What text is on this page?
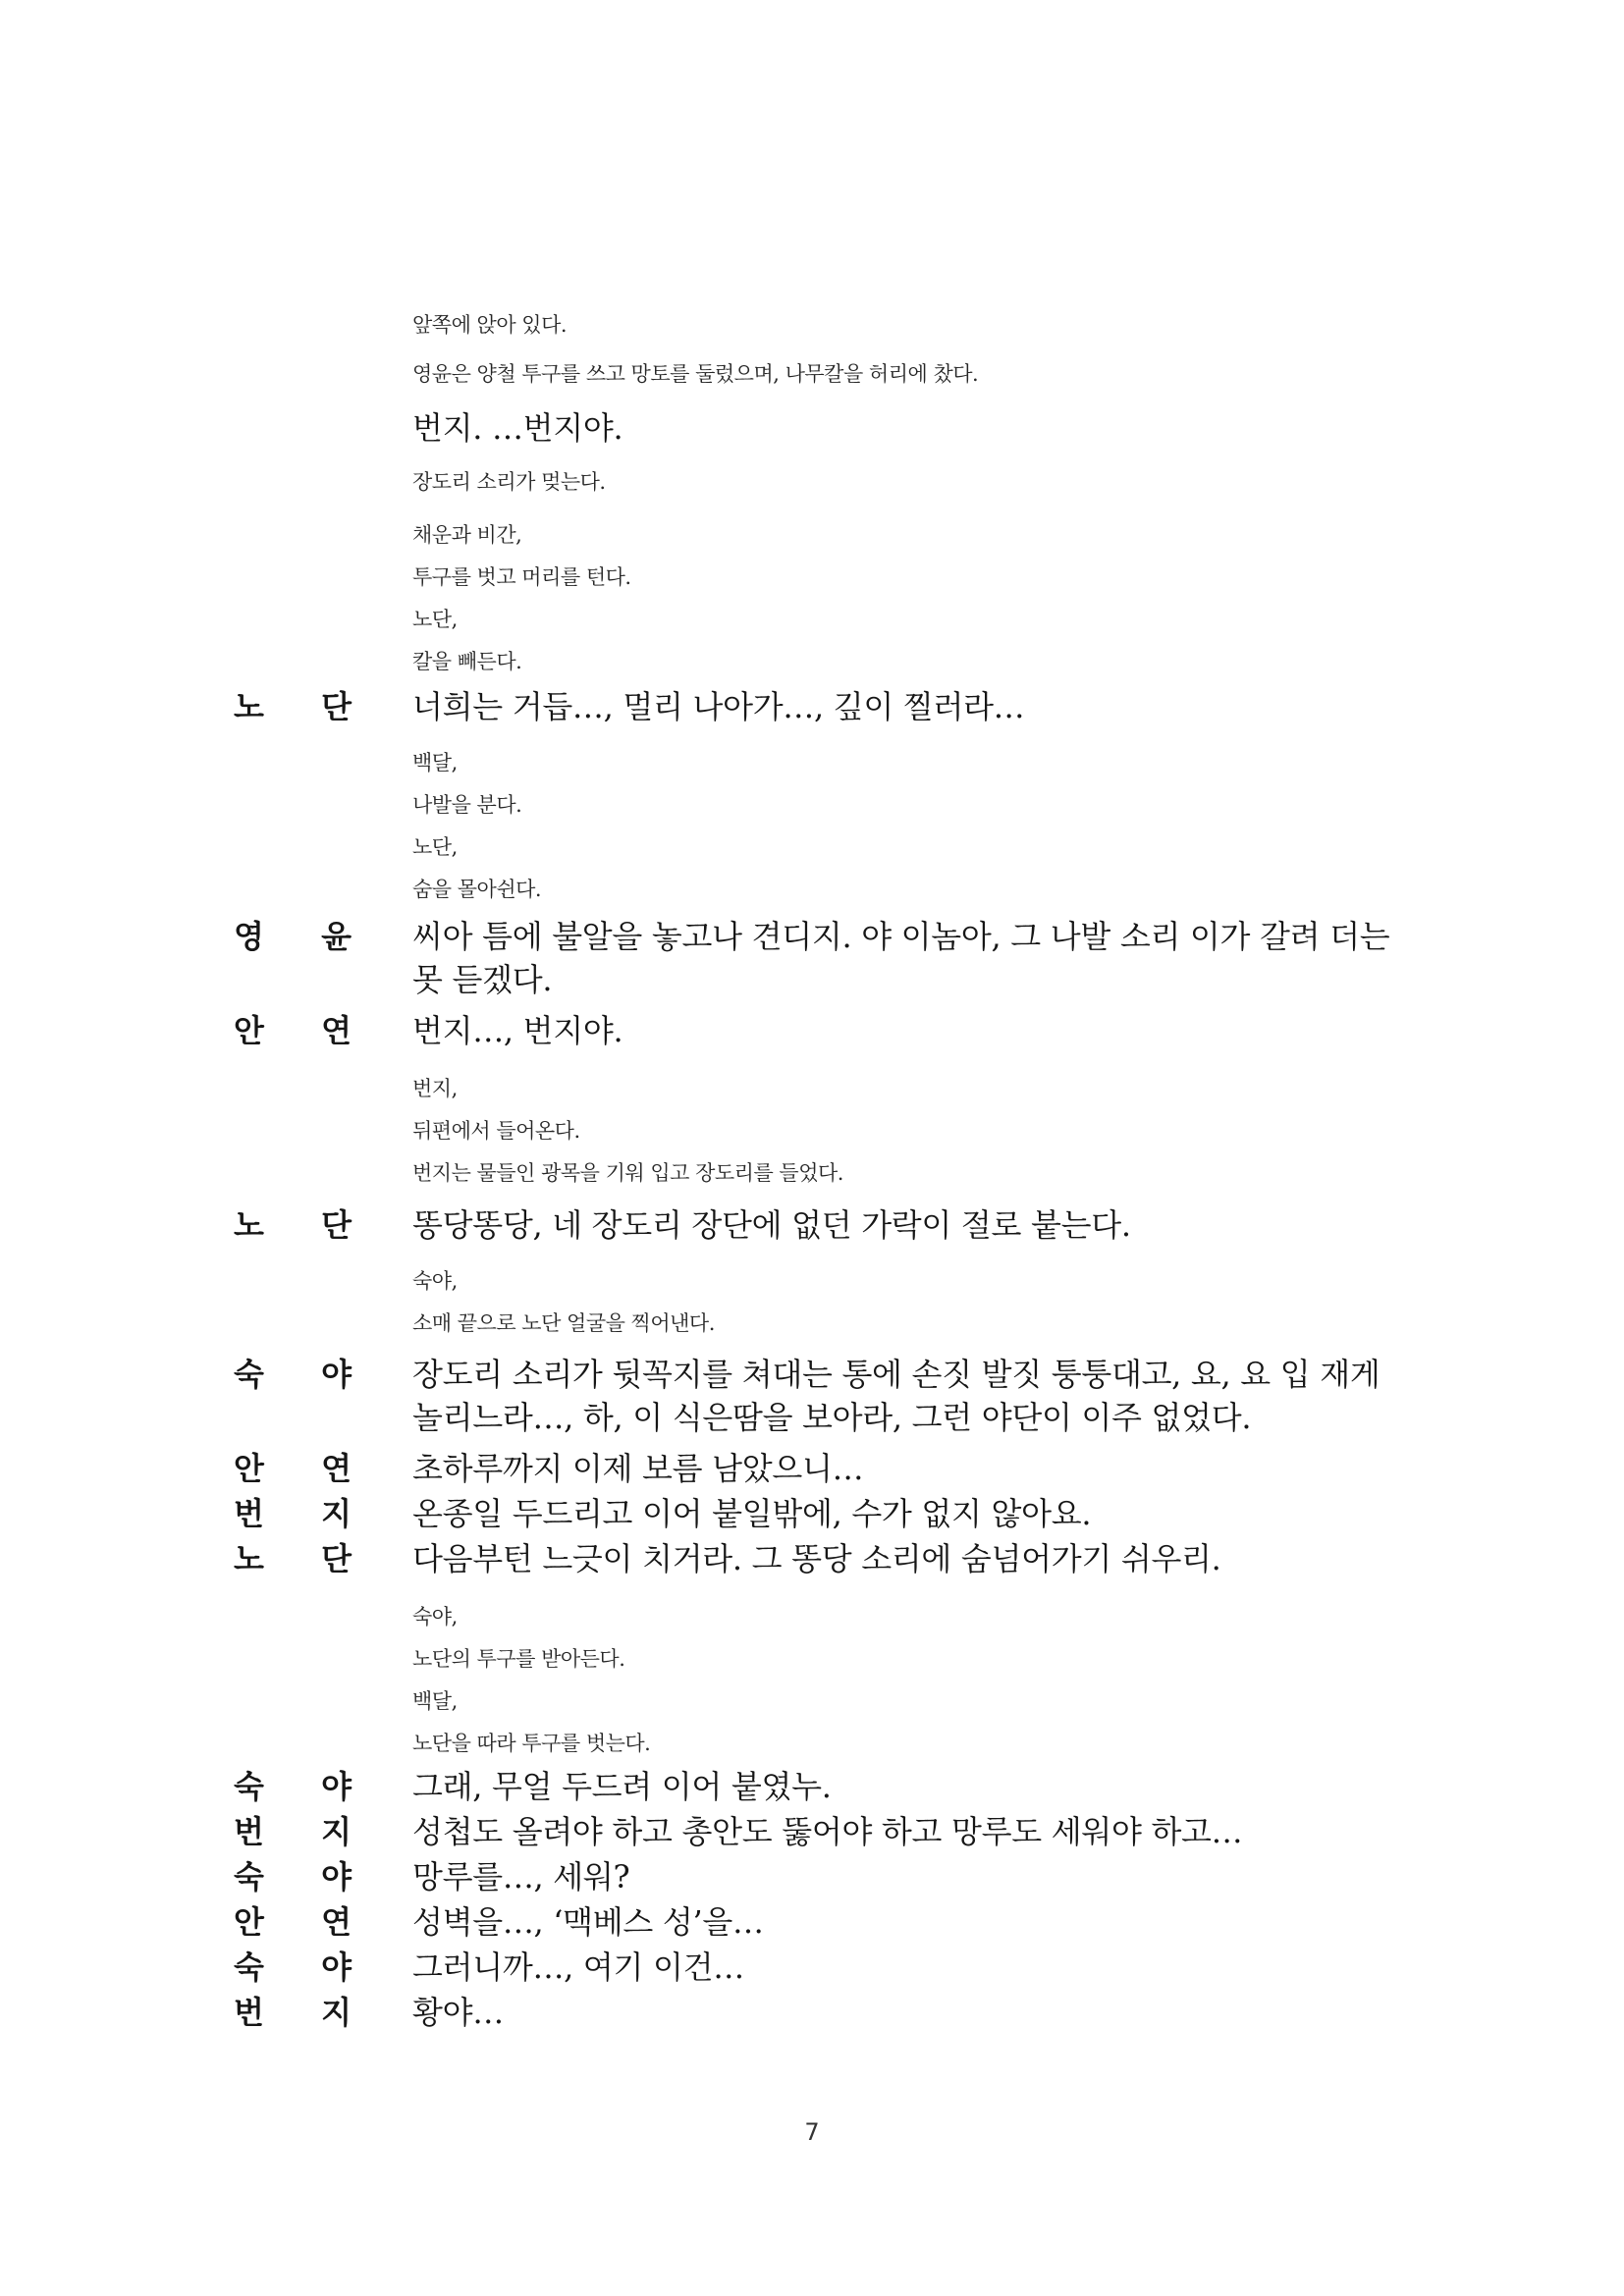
앞쪽에 앉아 있다.
영윤은 양철 투구를 쓰고 망토를 둘렀으며, 나무칼을 허리에 찼다.
번지. …번지야.
장도리 소리가 멎는다.
채운과 비간,
투구를 벗고 머리를 턴다.
노단,
칼을 빼든다.
노 단 너희는 거듭…, 멀리 나아가…, 깊이 찔러라…
백달,
나발을 분다.
노단,
숨을 몰아쉰다.
영 윤 씨아 틈에 불알을 놓고나 견디지. 야 이놈아, 그 나발 소리 이가 갈려 더는 못 듣겠다.
안 연 번지…, 번지야.
번지,
뒤편에서 들어온다.
번지는 물들인 광목을 기워 입고 장도리를 들었다.
노 단 똥당똥당, 네 장도리 장단에 없던 가락이 절로 붙는다.
숙야,
소매 끝으로 노단 얼굴을 찍어낸다.
숙 야 장도리 소리가 뒷꼭지를 쳐대는 통에 손짓 발짓 퉁퉁대고, 요, 요 입 재게 놀리느라…, 하, 이 식은땀을 보아라, 그런 야단이 이주 없었다.
안 연 초하루까지 이제 보름 남았으니…
번 지 온종일 두드리고 이어 붙일밖에, 수가 없지 않아요.
노 단 다음부턴 느긋이 치거라. 그 똥당 소리에 숨넘어가기 쉬우리.
숙야,
노단의 투구를 받아든다.
백달,
노단을 따라 투구를 벗는다.
숙 야 그래, 무얼 두드려 이어 붙였누.
번 지 성첩도 올려야 하고 총안도 뚫어야 하고 망루도 세워야 하고…
숙 야 망루를…, 세워?
안 연 성벽을…, ‘맥베스 성’을…
숙 야 그러니까…, 여기 이건…
번 지 황야…
7
